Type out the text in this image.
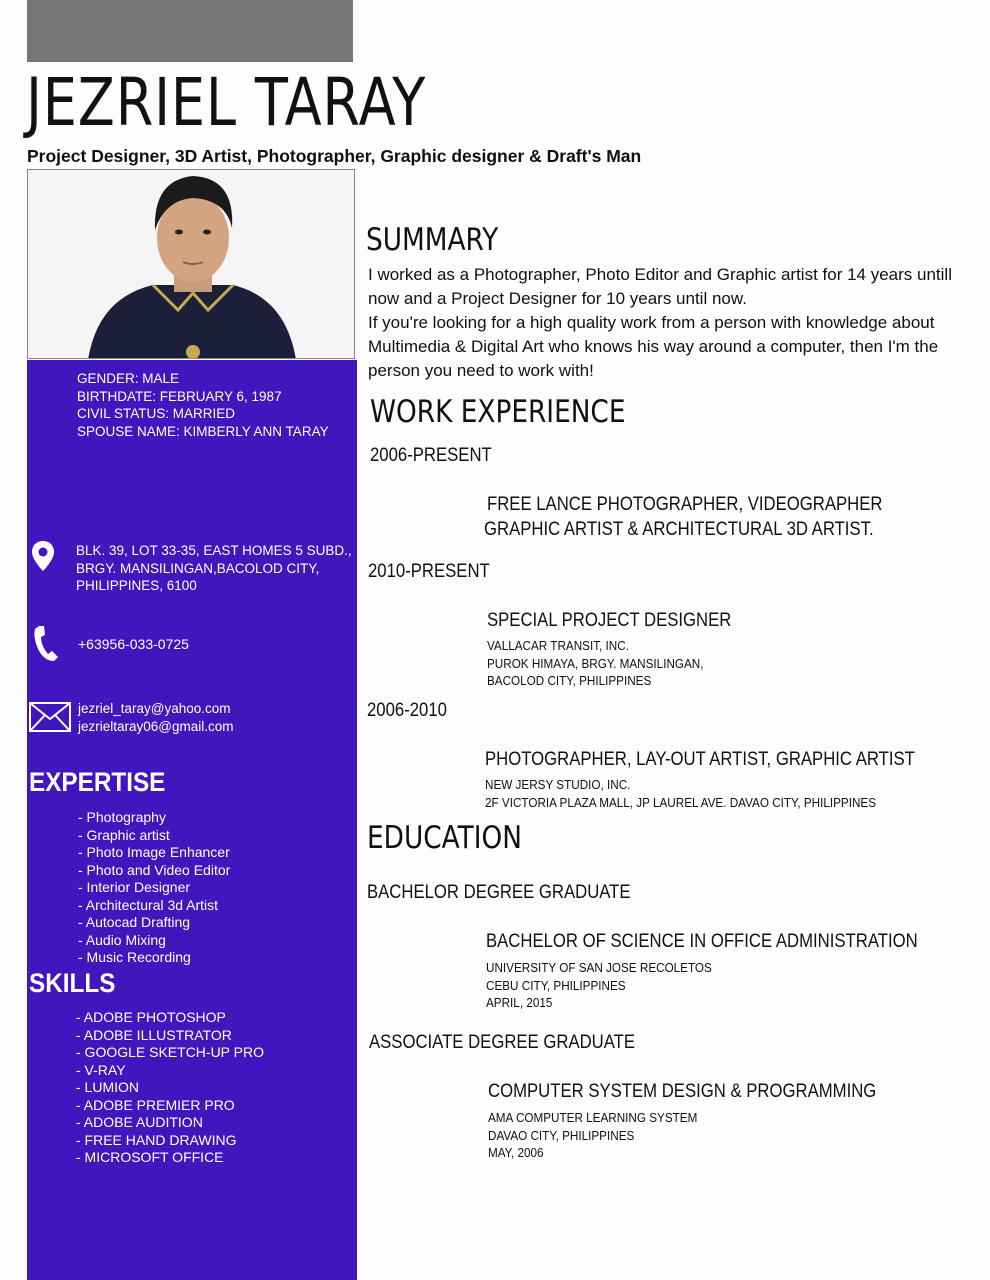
JEZRIEL TARAY
Project Designer, 3D Artist, Photographer, Graphic designer & Draft's Man
GENDER: MALE
BIRTHDATE: FEBRUARY 6, 1987
CIVIL STATUS: MARRIED
SPOUSE NAME: KIMBERLY ANN TARAY
BLK. 39, LOT 33-35, EAST HOMES 5 SUBD.,
BRGY. MANSILINGAN,BACOLOD CITY,
PHILIPPINES, 6100
+63956-033-0725
jezriel_taray@yahoo.com
jezrieltaray06@gmail.com
EXPERTISE
- Photography
- Graphic artist
- Photo Image Enhancer
- Photo and Video Editor
- Interior Designer
- Architectural 3d Artist
- Autocad Drafting
- Audio Mixing
- Music Recording
SKILLS
- ADOBE PHOTOSHOP
- ADOBE ILLUSTRATOR
- GOOGLE SKETCH-UP PRO
- V-RAY
- LUMION
- ADOBE PREMIER PRO
- ADOBE AUDITION
- FREE HAND DRAWING
- MICROSOFT OFFICE
SUMMARY

I worked as a Photographer, Photo Editor and Graphic artist for 14 years untill now and a Project Designer for 10 years until now.

If you're looking for a high quality work from a person with knowledge about Multimedia & Digital Art who knows his way around a computer, then I'm the person you need to work with!

WORK EXPERIENCE
2006-PRESENT
FREE LANCE PHOTOGRAPHER, VIDEOGRAPHER
GRAPHIC ARTIST & ARCHITECTURAL 3D ARTIST.
2010-PRESENT
SPECIAL PROJECT DESIGNER
VALLACAR TRANSIT, INC.
PUROK HIMAYA, BRGY. MANSILINGAN,
BACOLOD CITY, PHILIPPINES
2006-2010
PHOTOGRAPHER, LAY-OUT ARTIST, GRAPHIC ARTIST
NEW JERSY STUDIO, INC.
2F VICTORIA PLAZA MALL, JP LAUREL AVE. DAVAO CITY, PHILIPPINES
EDUCATION
BACHELOR DEGREE GRADUATE
BACHELOR OF SCIENCE IN OFFICE ADMINISTRATION
UNIVERSITY OF SAN JOSE RECOLETOS
CEBU CITY, PHILIPPINES
APRIL, 2015
ASSOCIATE DEGREE GRADUATE
COMPUTER SYSTEM DESIGN & PROGRAMMING
AMA COMPUTER LEARNING SYSTEM
DAVAO CITY, PHILIPPINES
MAY, 2006
